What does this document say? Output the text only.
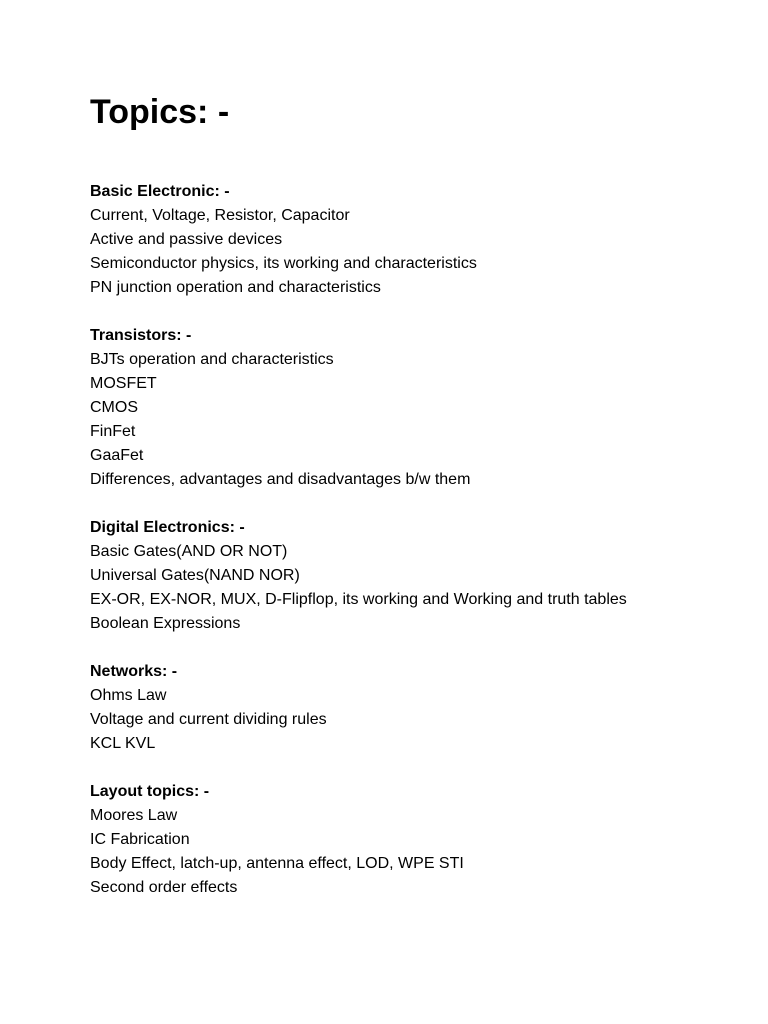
Topics: -

Basic Electronic: -

Current, Voltage, Resistor, Capacitor
Active and passive devices
Semiconductor physics, its working and characteristics
PN junction operation and characteristics

Transistors: -

BJTs operation and characteristics
MOSFET
CMOS
FinFet
GaaFet
Differences, advantages and disadvantages b/w them

Digital Electronics: -

Basic Gates(AND OR NOT)
Universal Gates(NAND NOR)
EX-OR, EX-NOR, MUX, D-Flipflop, its working and Working and truth tables
Boolean Expressions

Networks: -

Ohms Law
Voltage and current dividing rules
KCL KVL

Layout topics: -

Moores Law
IC Fabrication
Body Effect, latch-up, antenna effect, LOD, WPE STI
Second order effects
